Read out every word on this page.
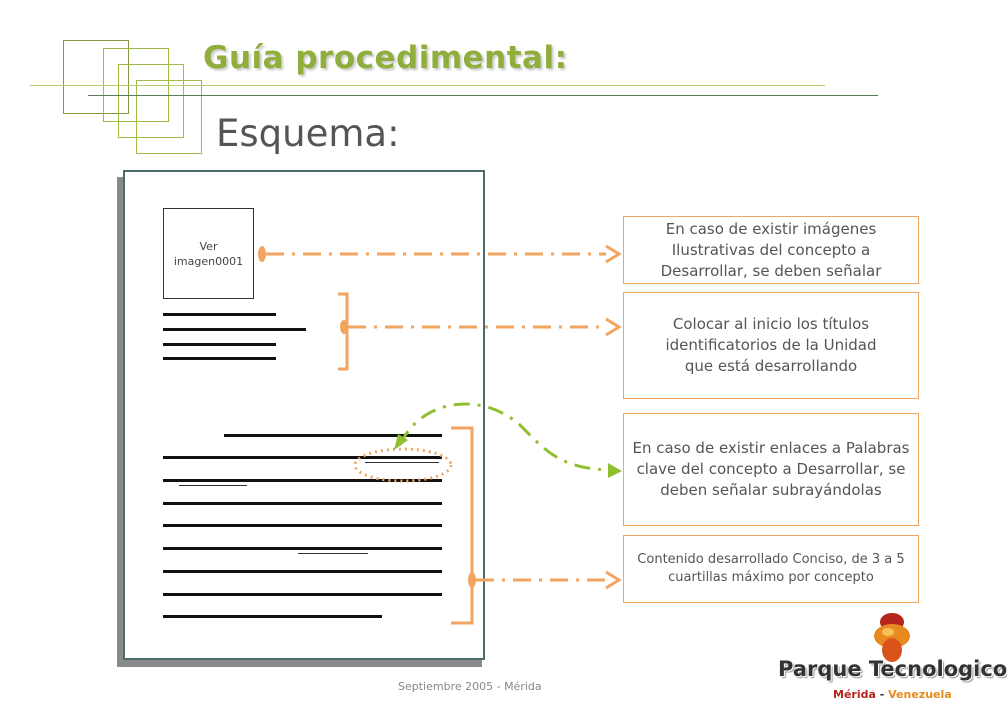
Guía procedimental:
Esquema:
Ver
imagen0001
En caso de existir imágenes Ilustrativas del concepto a Desarrollar, se deben señalar
Colocar al inicio los títulos identificatorios de la Unidad que está desarrollando
En caso de existir enlaces a Palabras clave del concepto a Desarrollar, se deben señalar subrayándolas
Contenido desarrollado Conciso, de 3 a 5 cuartillas máximo por concepto
Septiembre 2005 - Mérida
Parque Tecnologico
Mérida - Venezuela
